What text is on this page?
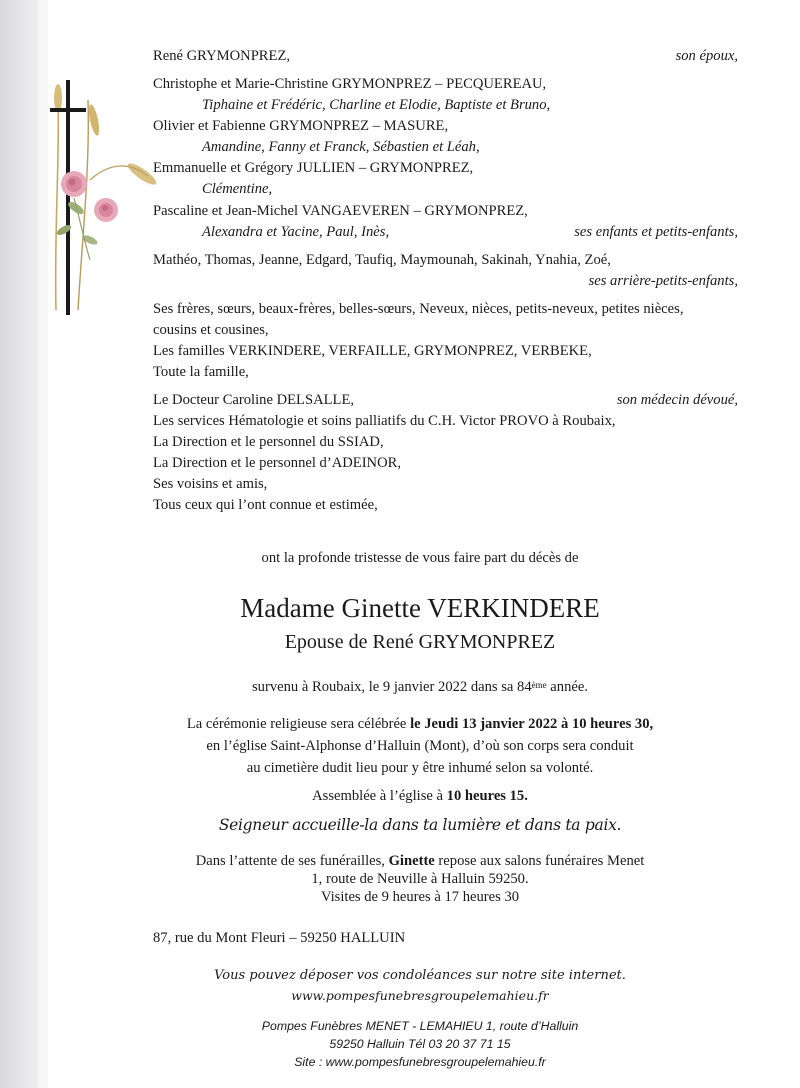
René GRYMONPREZ,	son époux,
Christophe et Marie-Christine GRYMONPREZ – PECQUEREAU,
Tiphaine et Frédéric, Charline et Elodie, Baptiste et Bruno,
Olivier et Fabienne GRYMONPREZ – MASURE,
Amandine, Fanny et Franck, Sébastien et Léah,
Emmanuelle et Grégory JULLIEN – GRYMONPREZ,
Clémentine,
Pascaline et Jean-Michel VANGAEVEREN – GRYMONPREZ,
Alexandra et Yacine, Paul, Inès,	ses enfants et petits-enfants,
Mathéo, Thomas, Jeanne, Edgard, Taufiq, Maymounah, Sakinah, Ynahia, Zoé,
ses arrière-petits-enfants,
Ses frères, sœurs, beaux-frères, belles-sœurs, Neveux, nièces, petits-neveux, petites nièces,
cousins et cousines,
Les familles VERKINDERE, VERFAILLE, GRYMONPREZ, VERBEKE,
Toute la famille,
Le Docteur Caroline DELSALLE,	son médecin dévoué,
Les services Hématologie et soins palliatifs du C.H. Victor PROVO à Roubaix,
La Direction et le personnel du SSIAD,
La Direction et le personnel d’ADEINOR,
Ses voisins et amis,
Tous ceux qui l’ont connue et estimée,
ont la profonde tristesse de vous faire part du décès de
Madame Ginette VERKINDERE
Epouse de René GRYMONPREZ
survenu à Roubaix, le 9 janvier 2022 dans sa 84ème année.
La cérémonie religieuse sera célébrée le Jeudi 13 janvier 2022 à 10 heures 30,
en l’église Saint-Alphonse d’Halluin (Mont), d’où son corps sera conduit
au cimetière dudit lieu pour y être inhumé selon sa volonté.
Assemblée à l’église à 10 heures 15.
Seigneur accueille-la dans ta lumière et dans ta paix.
Dans l’attente de ses funérailles, Ginette repose aux salons funéraires Menet
1, route de Neuville à Halluin 59250.
Visites de 9 heures à 17 heures 30
87, rue du Mont Fleuri – 59250 HALLUIN
Vous pouvez déposer vos condoléances sur notre site internet.
www.pompesfunebresgroupelemahieu.fr
Pompes Funèbres MENET - LEMAHIEU 1, route d’Halluin
59250 Halluin Tél 03 20 37 71 15
Site : www.pompesfunebresgroupelemahieu.fr
